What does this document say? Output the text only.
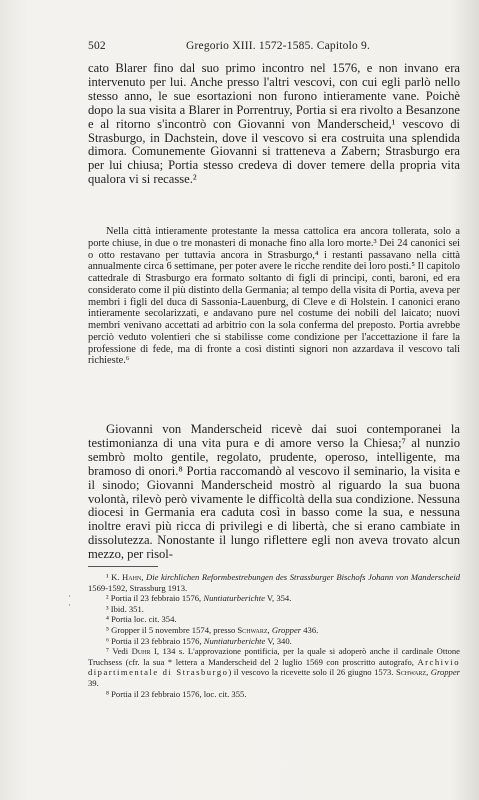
502	Gregorio XIII. 1572-1585. Capitolo 9.

cato Blarer fino dal suo primo incontro nel 1576, e non invano era intervenuto per lui. Anche presso l'altri vescovi, con cui egli parlò nello stesso anno, le sue esortazioni non furono intieramente vane. Poichè dopo la sua visita a Blarer in Porrentruy, Portia si era rivolto a Besanzone e al ritorno s'incontrò con Giovanni von Manderscheid,¹ vescovo di Strasburgo, in Dachstein, dove il vescovo si era costruita una splendida dimora. Comunemente Giovanni si tratteneva a Zabern; Strasburgo era per lui chiusa; Portia stesso credeva di dover temere della propria vita qualora vi si recasse.²

Nella città intieramente protestante la messa cattolica era ancora tollerata, solo a porte chiuse, in due o tre monasteri di monache fino alla loro morte.³ Dei 24 canonici sei o otto restavano per tuttavia ancora in Strasburgo,⁴ i restanti passavano nella città annualmente circa 6 settimane, per poter avere le ricche rendite dei loro posti.⁵ Il capitolo cattedrale di Strasburgo era formato soltanto di figli di principi, conti, baroni, ed era considerato come il più distinto della Germania; al tempo della visita di Portia, aveva per membri i figli del duca di Sassonia-Lauenburg, di Cleve e di Holstein. I canonici erano intieramente secolarizzati, e andavano pure nel costume dei nobili del laicato; nuovi membri venivano accettati ad arbitrio con la sola conferma del preposto. Portia avrebbe perciò veduto volentieri che si stabilisse come condizione per l'accettazione il fare la professione di fede, ma di fronte a così distinti signori non azzardava il vescovo tali richieste.⁶

Giovanni von Manderscheid ricevè dai suoi contemporanei la testimonianza di una vita pura e di amore verso la Chiesa;⁷ al nunzio sembrò molto gentile, regolato, prudente, operoso, intelligente, ma bramoso di onori.⁸ Portia raccomandò al vescovo il seminario, la visita e il sinodo; Giovanni Manderscheid mostrò al riguardo la sua buona volontà, rilevò però vivamente le difficoltà della sua condizione. Nessuna diocesi in Germania era caduta così in basso come la sua, e nessuna inoltre eravi più ricca di privilegi e di libertà, che si erano cambiate in dissolutezza. Nonostante il lungo riflettere egli non aveva trovato alcun mezzo, per risol-

·
·

¹ K. Hahn, Die kirchlichen Reformbestrebungen des Strassburger Bischofs Johann von Manderscheid 1569-1592, Strassburg 1913.

² Portia il 23 febbraio 1576, Nuntiaturberichte V, 354.

³ Ibid. 351.

⁴ Portia loc. cit. 354.

⁵ Gropper il 5 novembre 1574, presso Schwarz, Gropper 436.

⁶ Portia il 23 febbraio 1576, Nuntiaturberichte V, 340.

⁷ Vedi Duhr I, 134 s. L'approvazione pontificia, per la quale si adoperò anche il cardinale Ottone Truchsess (cfr. la sua * lettera a Manderscheid del 2 luglio 1569 con proscritto autografo, Archivio dipartimentale di Strasburgo) il vescovo la ricevette solo il 26 giugno 1573. Schwarz, Gropper 39.

⁸ Portia il 23 febbraio 1576, loc. cit. 355.
